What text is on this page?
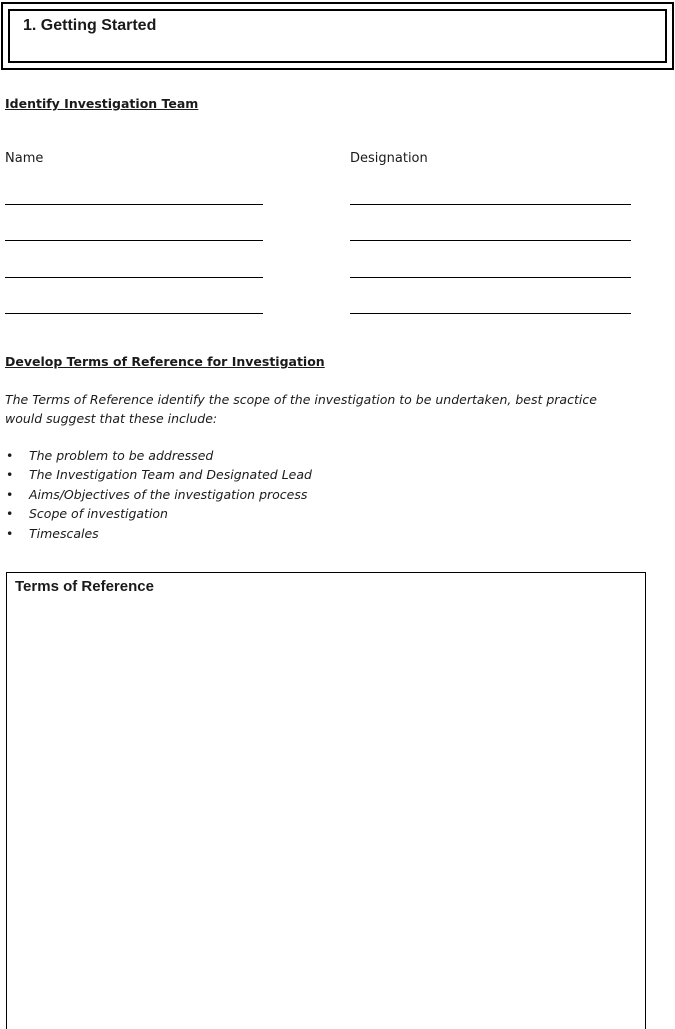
1. Getting Started
Identify Investigation Team
Name	Designation
Develop Terms of Reference for Investigation
The Terms of Reference identify the scope of the investigation to be undertaken, best practice would suggest that these include:
• The problem to be addressed
• The Investigation Team and Designated Lead
• Aims/Objectives of the investigation process
• Scope of investigation
• Timescales
Terms of Reference
